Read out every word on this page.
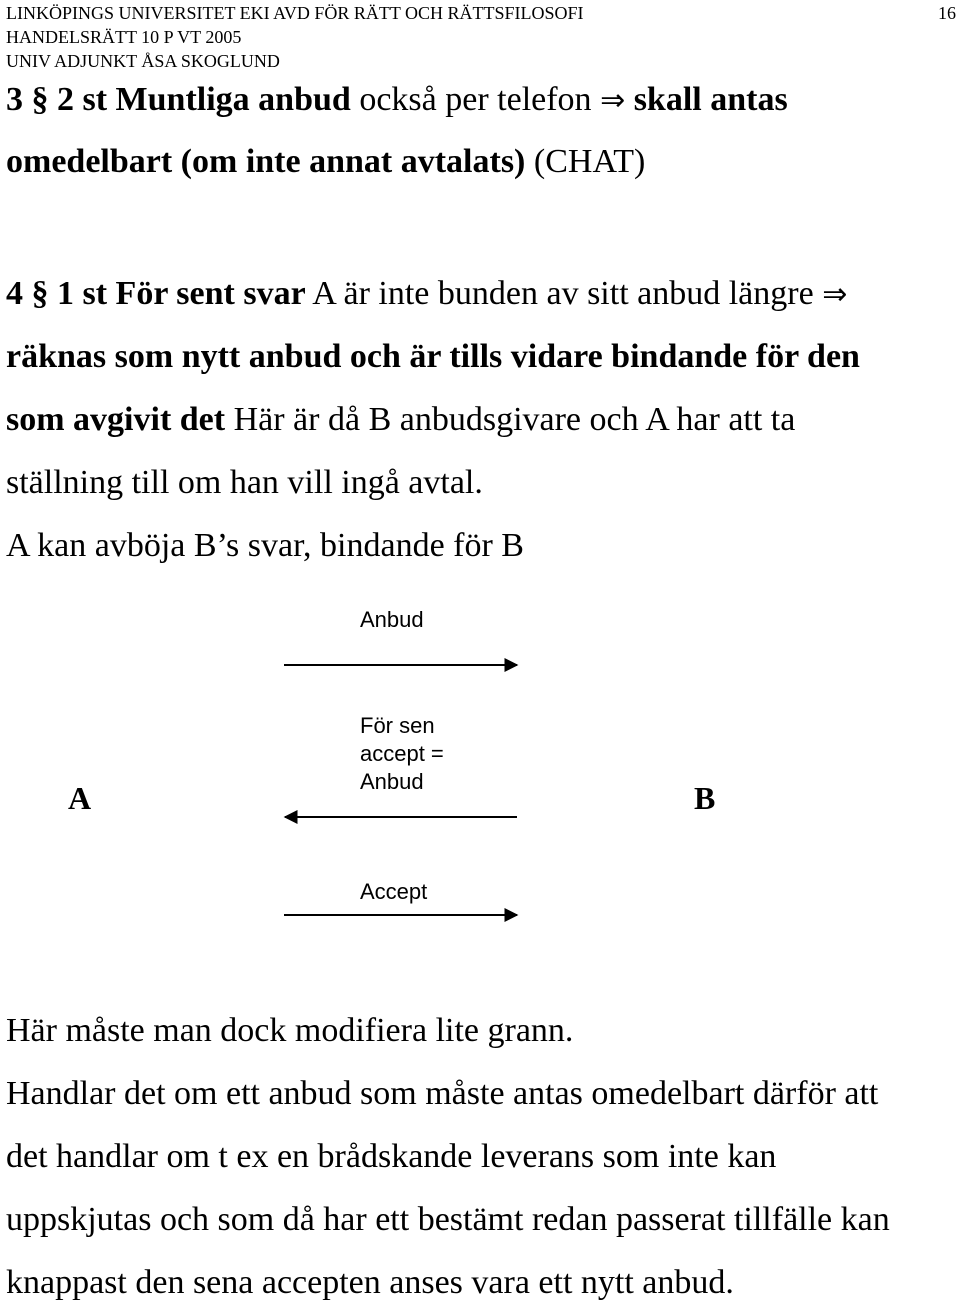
LINKÖPINGS UNIVERSITET EKI AVD FÖR RÄTT OCH RÄTTSFILOSOFI
HANDELSRÄTT 10 P VT 2005
UNIV ADJUNKT ÅSA SKOGLUND
16
3 § 2 st Muntliga anbud också per telefon ⇒ skall antas
omedelbart (om inte annat avtalats) (CHAT)
4 § 1 st För sent svar A är inte bunden av sitt anbud längre ⇒
räknas som nytt anbud och är tills vidare bindande för den
som avgivit det Här är då B anbudsgivare och A har att ta
ställning till om han vill ingå avtal.
A kan avböja B’s svar, bindande för B
Anbud
För sen
accept =
Anbud
Accept
A	B
Här måste man dock modifiera lite grann.
Handlar det om ett anbud som måste antas omedelbart därför att
det handlar om t ex en brådskande leverans som inte kan
uppskjutas och som då har ett bestämt redan passerat tillfälle kan
knappast den sena accepten anses vara ett nytt anbud.
